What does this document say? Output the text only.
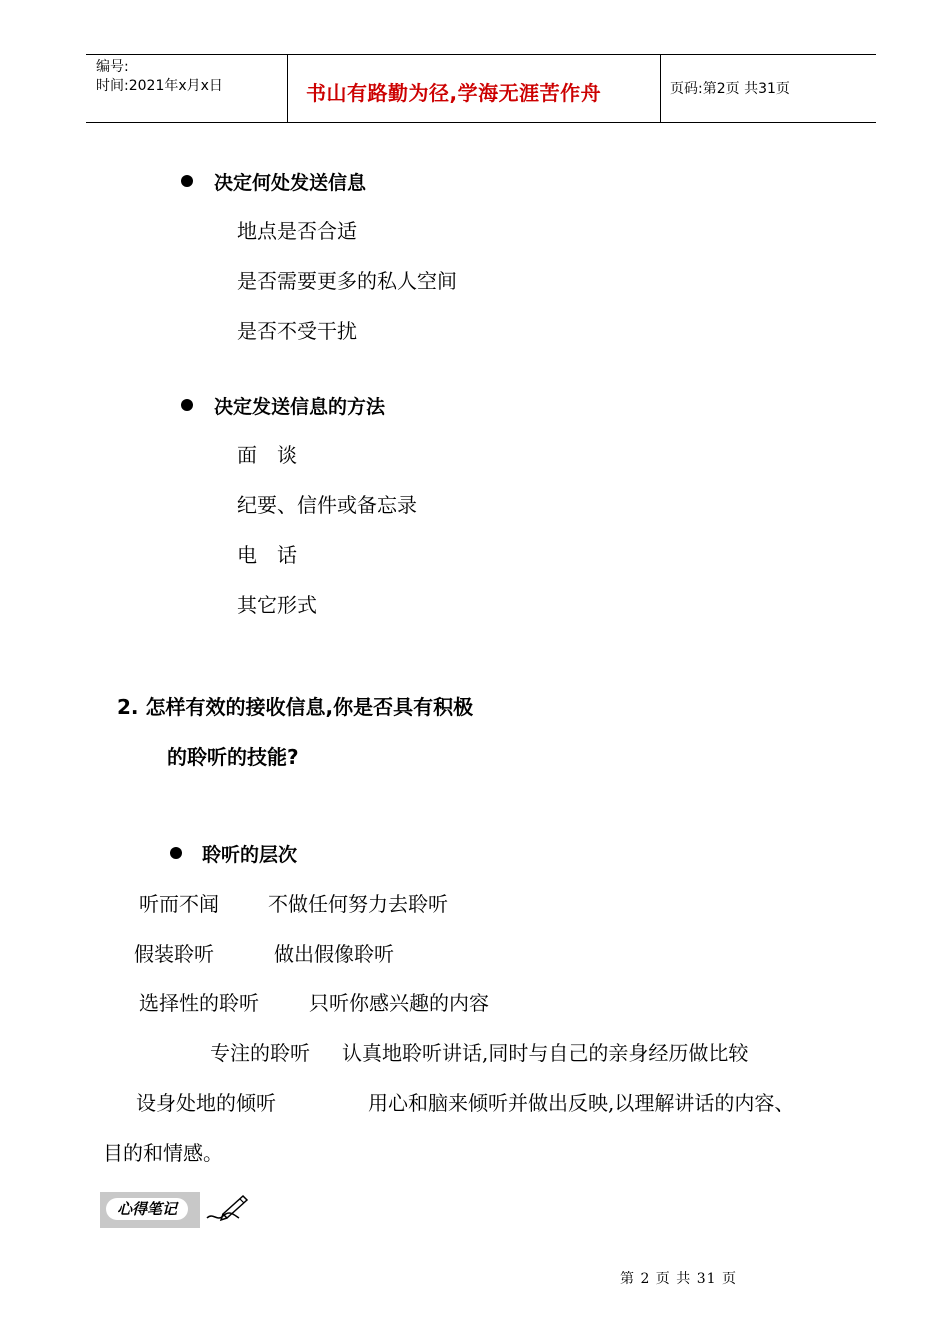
编号:
时间:2021年x月x日	书山有路勤为径,学海无涯苦作舟	页码:第2页 共31页
决定何处发送信息
地点是否合适
是否需要更多的私人空间
是否不受干扰
决定发送信息的方法
面　谈
纪要、信件或备忘录
电　话
其它形式
2. 怎样有效的接收信息,你是否具有积极
的聆听的技能?
聆听的层次
听而不闻 不做任何努力去聆听
假装聆听	做出假像聆听
选择性的聆听	只听你感兴趣的内容
专注的聆听 认真地聆听讲话,同时与自己的亲身经历做比较
设身处地的倾听	用心和脑来倾听并做出反映,以理解讲话的内容、
目的和情感。
心得笔记
第 2 页 共 31 页
